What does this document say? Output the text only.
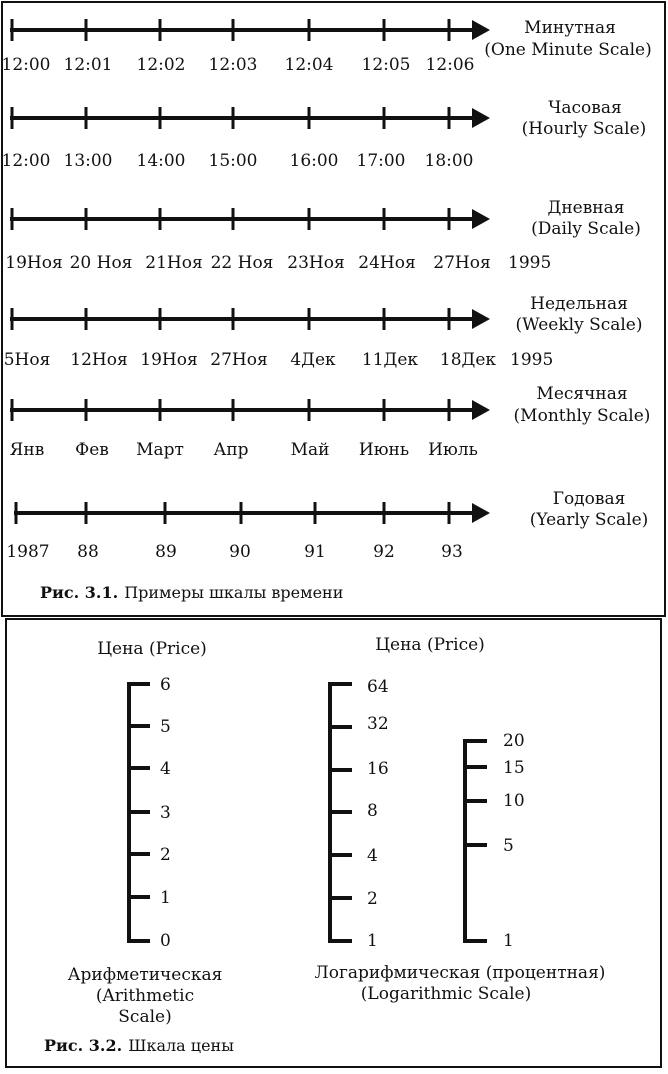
12:00 12:01 12:02 12:03 12:04 12:05 12:06
Минутная
(One Minute Scale)
12:00 13:00 14:00 15:00 16:00 17:00 18:00
Часовая
(Hourly Scale)
19Ноя 20 Ноя 21Ноя 22 Ноя 23Ноя 24Ноя 27Ноя 1995
Дневная
(Daily Scale)
5Ноя 12Ноя 19Ноя 27Ноя 4Дек 11Дек 18Дек 1995
Недельная
(Weekly Scale)
Янв Фев Март Апр Май Июнь Июль
Месячная
(Monthly Scale)
1987 88	89	90	91	92	93
Годовая
(Yearly Scale)
Рис. 3.1. Примеры шкалы времени
Цена (Price)
6
5
4
3
2
1
0
Арифметическая
(Arithmetic
Scale)
Цена (Price)
64
32
16
8
4
2
1
20
15
10
5
1
Логарифмическая (процентная)
(Logarithmic Scale)
Рис. 3.2. Шкала цены
